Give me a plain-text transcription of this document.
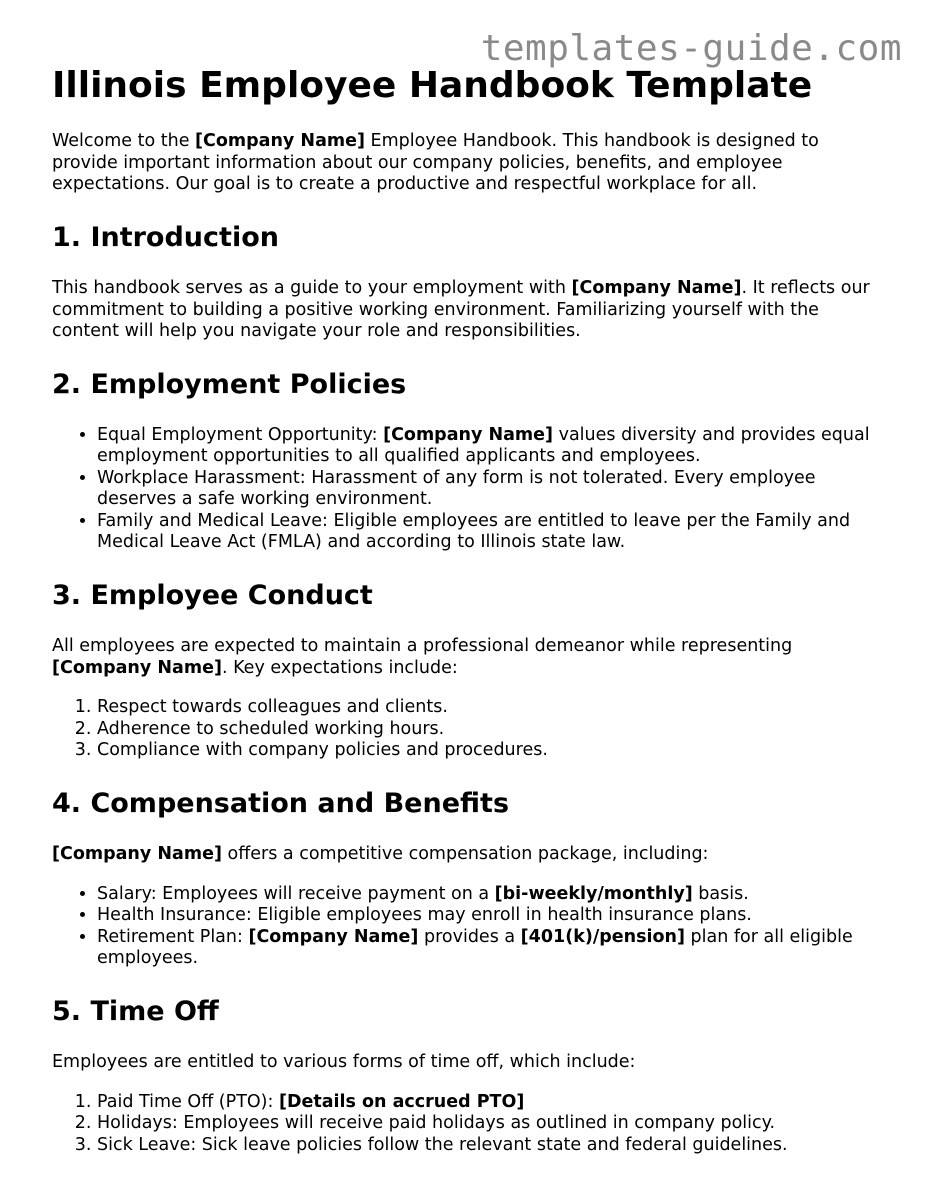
templates-guide.com
Illinois Employee Handbook Template

Welcome to the [Company Name] Employee Handbook. This handbook is designed to provide important information about our company policies, benefits, and employee expectations. Our goal is to create a productive and respectful workplace for all.

1. Introduction

This handbook serves as a guide to your employment with [Company Name]. It reflects our commitment to building a positive working environment. Familiarizing yourself with the content will help you navigate your role and responsibilities.

2. Employment Policies
• Equal Employment Opportunity: [Company Name] values diversity and provides equal employment opportunities to all qualified applicants and employees.
• Workplace Harassment: Harassment of any form is not tolerated. Every employee deserves a safe working environment.
• Family and Medical Leave: Eligible employees are entitled to leave per the Family and Medical Leave Act (FMLA) and according to Illinois state law.
3. Employee Conduct

All employees are expected to maintain a professional demeanor while representing [Company Name]. Key expectations include:

1. Respect towards colleagues and clients.
2. Adherence to scheduled working hours.
3. Compliance with company policies and procedures.
4. Compensation and Benefits

[Company Name] offers a competitive compensation package, including:

• Salary: Employees will receive payment on a [bi-weekly/monthly] basis.
• Health Insurance: Eligible employees may enroll in health insurance plans.
• Retirement Plan: [Company Name] provides a [401(k)/pension] plan for all eligible employees.
5. Time Off

Employees are entitled to various forms of time off, which include:

1. Paid Time Off (PTO): [Details on accrued PTO]
2. Holidays: Employees will receive paid holidays as outlined in company policy.
3. Sick Leave: Sick leave policies follow the relevant state and federal guidelines.
